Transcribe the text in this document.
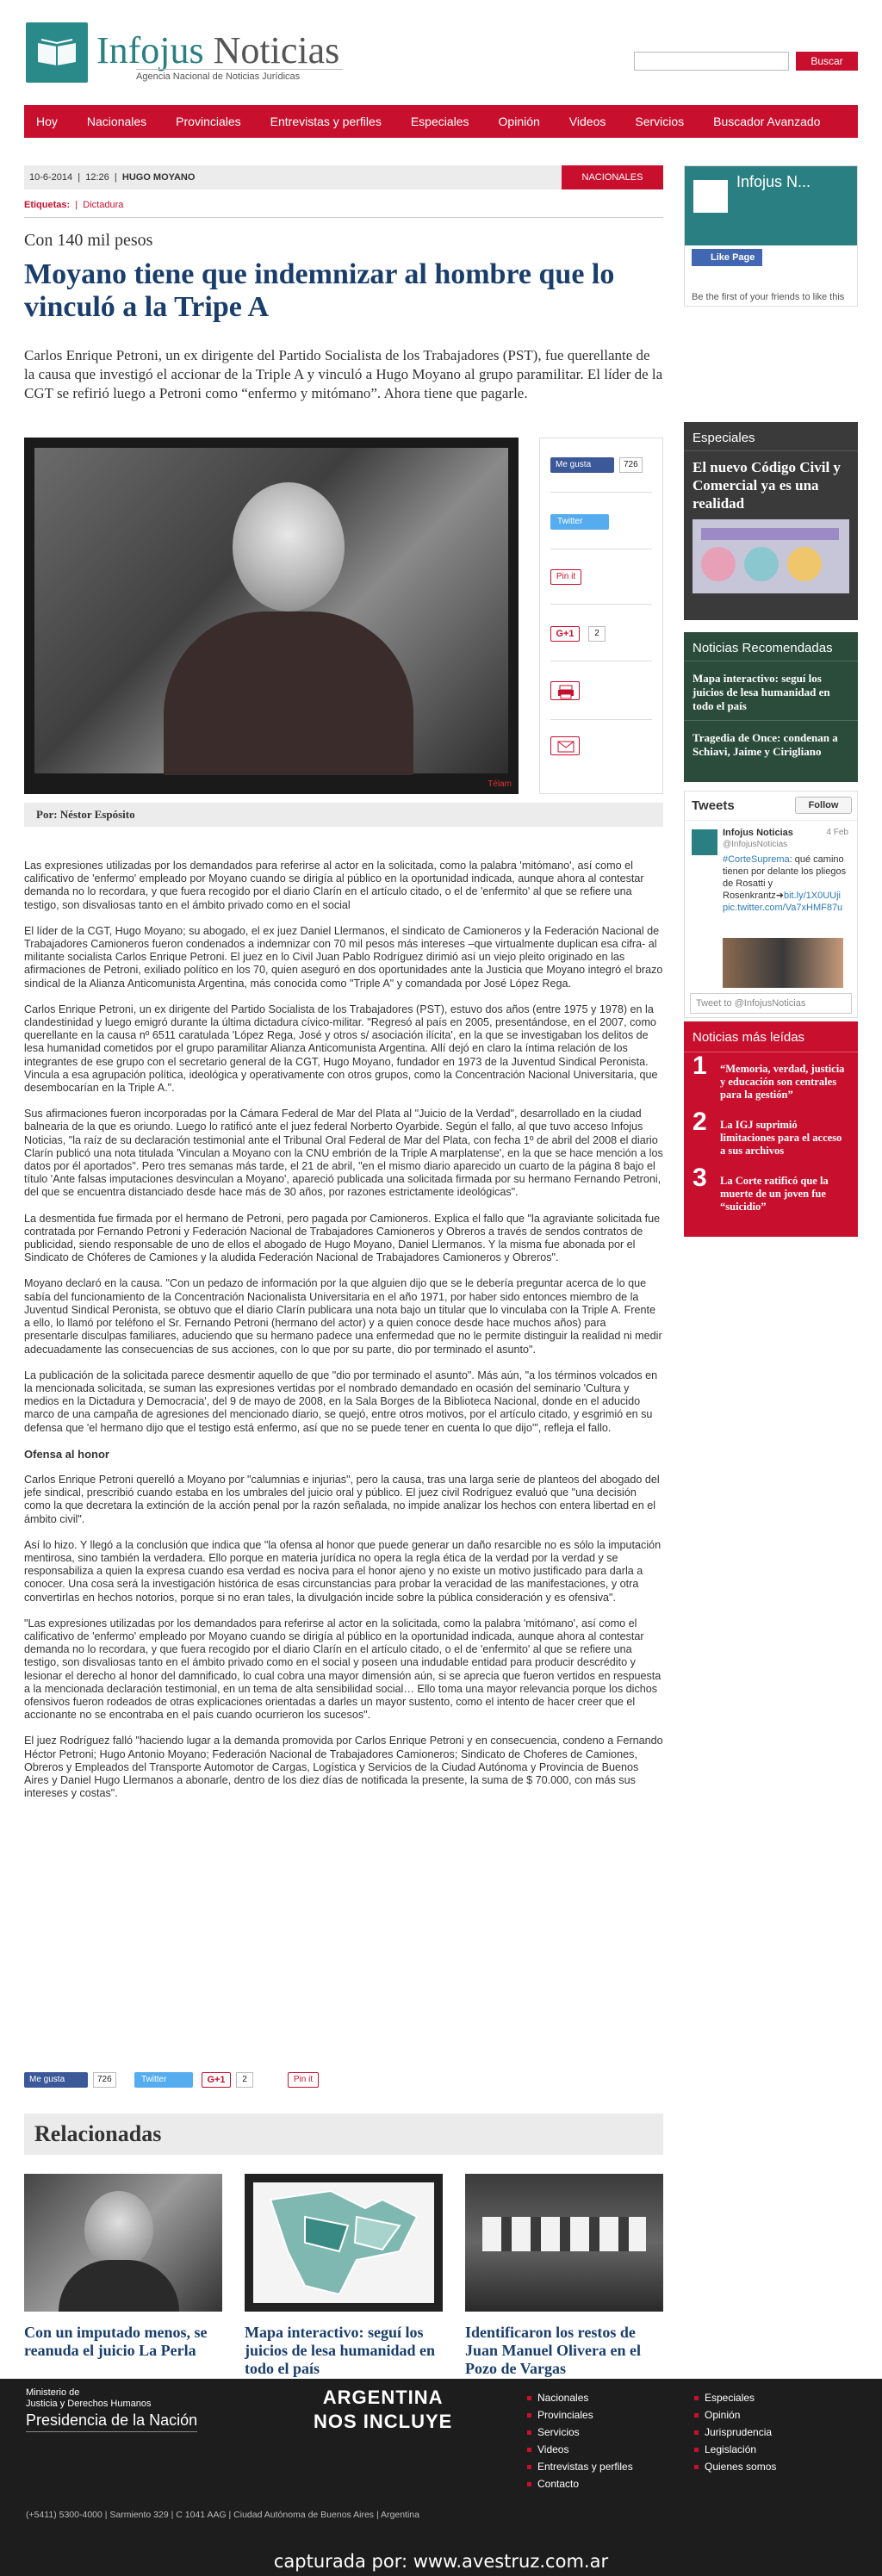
Infojus Noticias
Agencia Nacional de Noticias Jurídicas
Buscar
Hoy Nacionales Provinciales Entrevistas y perfiles Especiales Opinión Videos Servicios Buscador Avanzado
10-6-2014  |  12:26  |  HUGO MOYANO	NACIONALES
Etiquetas:  |  Dictadura
Con 140 mil pesos
Moyano tiene que indemnizar al hombre que lo vinculó a la Tripe A
Carlos Enrique Petroni, un ex dirigente del Partido Socialista de los Trabajadores (PST), fue querellante de la causa que investigó el accionar de la Triple A y vinculó a Hugo Moyano al grupo paramilitar. El líder de la CGT se refirió luego a Petroni como “enfermo y mitómano”. Ahora tiene que pagarle.
Télam
Me gusta	726
Twitter
Pin it
G+1	2
Por: Néstor Espósito

Las expresiones utilizadas por los demandados para referirse al actor en la solicitada, como la palabra 'mitómano', así como el calificativo de 'enfermo' empleado por Moyano cuando se dirigía al público en la oportunidad indicada, aunque ahora al contestar demanda no lo recordara, y que fuera recogido por el diario Clarín en el artículo citado, o el de 'enfermito' al que se refiere una testigo, son disvaliosas tanto en el ámbito privado como en el social

El líder de la CGT, Hugo Moyano; su abogado, el ex juez Daniel Llermanos, el sindicato de Camioneros y la Federación Nacional de Trabajadores Camioneros fueron condenados a indemnizar con 70 mil pesos más intereses –que virtualmente duplican esa cifra- al militante socialista Carlos Enrique Petroni. El juez en lo Civil Juan Pablo Rodríguez dirimió así un viejo pleito originado en las afirmaciones de Petroni, exiliado político en los 70, quien aseguró en dos oportunidades ante la Justicia que Moyano integró el brazo sindical de la Alianza Anticomunista Argentina, más conocida como "Triple A" y comandada por José López Rega.

Carlos Enrique Petroni, un ex dirigente del Partido Socialista de los Trabajadores (PST), estuvo dos años (entre 1975 y 1978) en la clandestinidad y luego emigró durante la última dictadura cívico-militar. "Regresó al país en 2005, presentándose, en el 2007, como querellante en la causa nº 6511 caratulada 'López Rega, José y otros s/ asociación ilícita', en la que se investigaban los delitos de lesa humanidad cometidos por el grupo paramilitar Alianza Anticomunista Argentina. Allí dejó en claro la íntima relación de los integrantes de ese grupo con el secretario general de la CGT, Hugo Moyano, fundador en 1973 de la Juventud Sindical Peronista. Vincula a esa agrupación política, ideológica y operativamente con otros grupos, como la Concentración Nacional Universitaria, que desembocarían en la Triple A.".

Sus afirmaciones fueron incorporadas por la Cámara Federal de Mar del Plata al "Juicio de la Verdad", desarrollado en la ciudad balnearia de la que es oriundo. Luego lo ratificó ante el juez federal Norberto Oyarbide. Según el fallo, al que tuvo acceso Infojus Noticias, "la raíz de su declaración testimonial ante el Tribunal Oral Federal de Mar del Plata, con fecha 1º de abril del 2008 el diario Clarín publicó una nota titulada 'Vinculan a Moyano con la CNU embrión de la Triple A marplatense', en la que se hace mención a los datos por él aportados". Pero tres semanas más tarde, el 21 de abril, "en el mismo diario aparecido un cuarto de la página 8 bajo el título 'Ante falsas imputaciones desvinculan a Moyano', apareció publicada una solicitada firmada por su hermano Fernando Petroni, del que se encuentra distanciado desde hace más de 30 años, por razones estrictamente ideológicas".

La desmentida fue firmada por el hermano de Petroni, pero pagada por Camioneros. Explica el fallo que "la agraviante solicitada fue contratada por Fernando Petroni y Federación Nacional de Trabajadores Camioneros y Obreros a través de sendos contratos de publicidad, siendo responsable de uno de ellos el abogado de Hugo Moyano, Daniel Llermanos. Y la misma fue abonada por el Sindicato de Chóferes de Camiones y la aludida Federación Nacional de Trabajadores Camioneros y Obreros".

Moyano declaró en la causa. "Con un pedazo de información por la que alguien dijo que se le debería preguntar acerca de lo que sabía del funcionamiento de la Concentración Nacionalista Universitaria en el año 1971, por haber sido entonces miembro de la Juventud Sindical Peronista, se obtuvo que el diario Clarín publicara una nota bajo un titular que lo vinculaba con la Triple A. Frente a ello, lo llamó por teléfono el Sr. Fernando Petroni (hermano del actor) y a quien conoce desde hace muchos años) para presentarle disculpas familiares, aduciendo que su hermano padece una enfermedad que no le permite distinguir la realidad ni medir adecuadamente las consecuencias de sus acciones, con lo que por su parte, dio por terminado el asunto".

La publicación de la solicitada parece desmentir aquello de que "dio por terminado el asunto". Más aún, "a los términos volcados en la mencionada solicitada, se suman las expresiones vertidas por el nombrado demandado en ocasión del seminario 'Cultura y medios en la Dictadura y Democracia', del 9 de mayo de 2008, en la Sala Borges de la Biblioteca Nacional, donde en el aducido marco de una campaña de agresiones del mencionado diario, se quejó, entre otros motivos, por el artículo citado, y esgrimió en su defensa que 'el hermano dijo que el testigo está enfermo, así que no se puede tener en cuenta lo que dijo'", refleja el fallo.

Ofensa al honor

Carlos Enrique Petroni querelló a Moyano por "calumnias e injurias", pero la causa, tras una larga serie de planteos del abogado del jefe sindical, prescribió cuando estaba en los umbrales del juicio oral y público. El juez civil Rodríguez evaluó que "una decisión como la que decretara la extinción de la acción penal por la razón señalada, no impide analizar los hechos con entera libertad en el ámbito civil".

Así lo hizo. Y llegó a la conclusión que indica que "la ofensa al honor que puede generar un daño resarcible no es sólo la imputación mentirosa, sino también la verdadera. Ello porque en materia jurídica no opera la regla ética de la verdad por la verdad y se responsabiliza a quien la expresa cuando esa verdad es nociva para el honor ajeno y no existe un motivo justificado para darla a conocer. Una cosa será la investigación histórica de esas circunstancias para probar la veracidad de las manifestaciones, y otra convertirlas en hechos notorios, porque si no eran tales, la divulgación incide sobre la pública consideración y es ofensiva".

"Las expresiones utilizadas por los demandados para referirse al actor en la solicitada, como la palabra 'mitómano', así como el calificativo de 'enfermo' empleado por Moyano cuando se dirigía al público en la oportunidad indicada, aunque ahora al contestar demanda no lo recordara, y que fuera recogido por el diario Clarín en el artículo citado, o el de 'enfermito' al que se refiere una testigo, son disvaliosas tanto en el ámbito privado como en el social y poseen una indudable entidad para producir descrédito y lesionar el derecho al honor del damnificado, lo cual cobra una mayor dimensión aún, si se aprecia que fueron vertidos en respuesta a la mencionada declaración testimonial, en un tema de alta sensibilidad social… Ello toma una mayor relevancia porque los dichos ofensivos fueron rodeados de otras explicaciones orientadas a darles un mayor sustento, como el intento de hacer creer que el accionante no se encontraba en el país cuando ocurrieron los sucesos".

El juez Rodríguez falló "haciendo lugar a la demanda promovida por Carlos Enrique Petroni y en consecuencia, condeno a Fernando Héctor Petroni; Hugo Antonio Moyano; Federación Nacional de Trabajadores Camioneros; Sindicato de Choferes de Camiones, Obreros y Empleados del Transporte Automotor de Cargas, Logística y Servicios de la Ciudad Autónoma y Provincia de Buenos Aires y Daniel Hugo Llermanos a abonarle, dentro de los diez días de notificada la presente, la suma de $ 70.000, con más sus intereses y costas".

Me gusta	726	Twitter	G+1	2	Pin it
Relacionadas
Con un imputado menos, se reanuda el juicio La Perla
Mapa interactivo: seguí los juicios de lesa humanidad en todo el país
Identificaron los restos de Juan Manuel Olivera en el Pozo de Vargas
Infojus N...
Like Page
Be the first of your friends to like this
Especiales
El nuevo Código Civil y Comercial ya es una realidad
Noticias Recomendadas
Mapa interactivo: seguí los juicios de lesa humanidad en todo el país
Tragedia de Once: condenan a Schiavi, Jaime y Cirigliano
Tweets	Follow
Infojus Noticias
@InfojusNoticias
4 Feb
#CorteSuprema: qué camino tienen por delante los pliegos de Rosatti y Rosenkrantz➜bit.ly/1X0UUji
pic.twitter.com/Va7xHMF87u
Tweet to @InfojusNoticias
Noticias más leídas
1 “Memoria, verdad, justicia y educación son centrales para la gestión”
2 La IGJ suprimió limitaciones para el acceso a sus archivos
3 La Corte ratificó que la muerte de un joven fue “suicidio”
Ministerio de
Justicia y Derechos Humanos
Presidencia de la Nación
ARGENTINA
NOS INCLUYE
(+5411) 5300-4000 | Sarmiento 329 | C 1041 AAG | Ciudad Autónoma de Buenos Aires | Argentina
Nacionales
Provinciales
Servicios
Videos
Entrevistas y perfiles
Contacto
Especiales
Opinión
Jurisprudencia
Legislación
Quienes somos
capturada por: www.avestruz.com.ar
